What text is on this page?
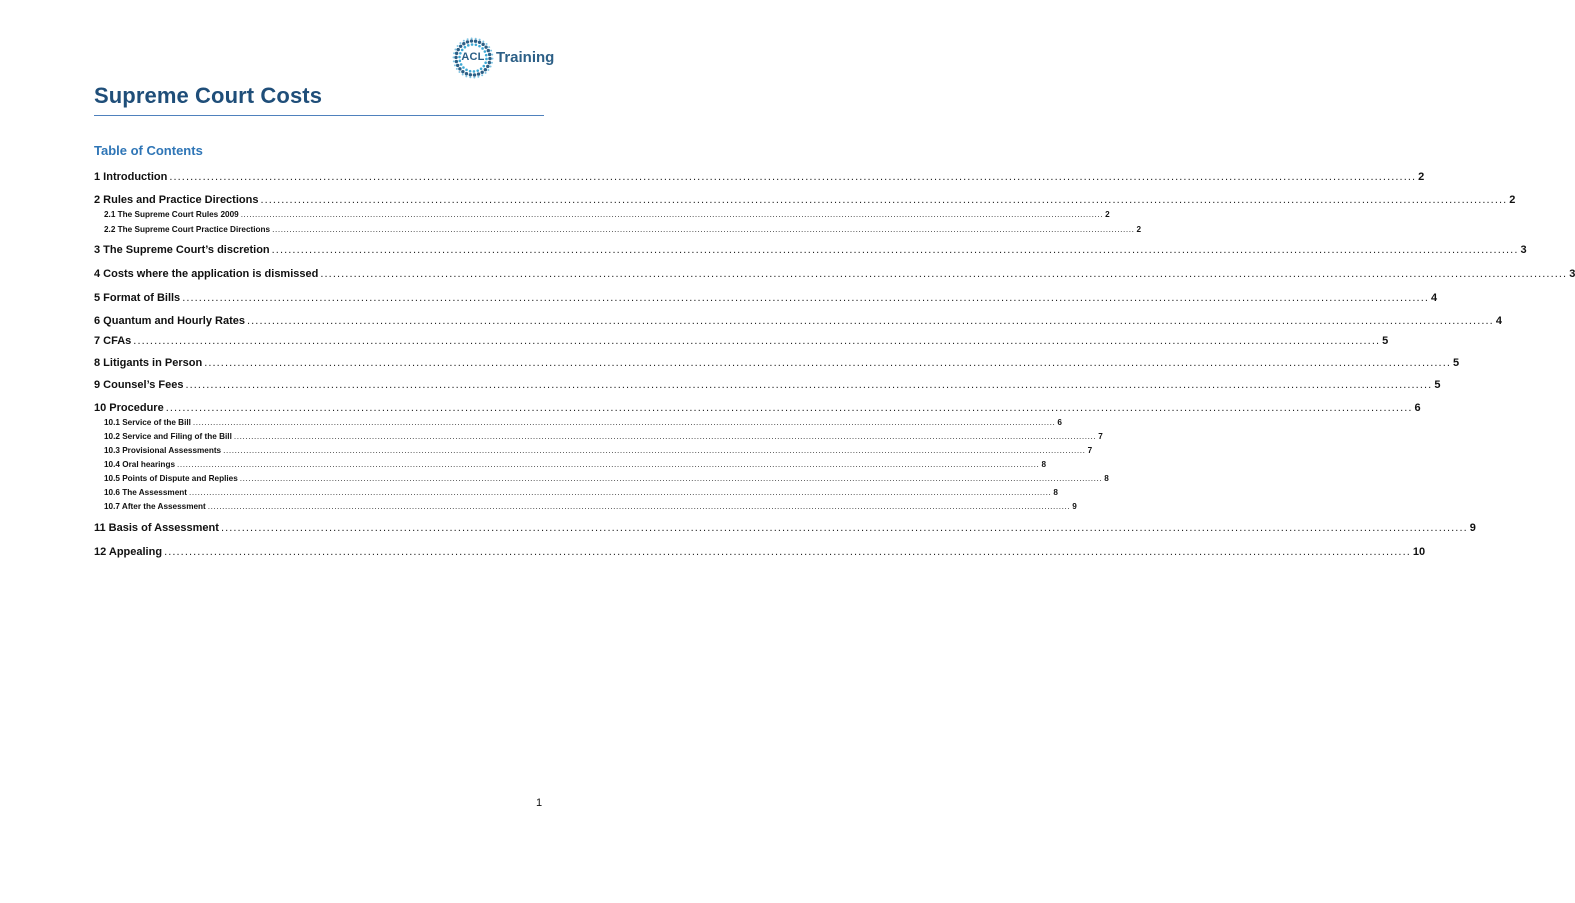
ACL Training
Supreme Court Costs
Table of Contents
1 Introduction ............................................................................................................................................................................................................................................................................................................ 2
2 Rules and Practice Directions ............................................................................................................................................................................................................................................................................................................ 2
2.1 The Supreme Court Rules 2009 ............................................................................................................................................................................................................................................................................................................ 2
2.2 The Supreme Court Practice Directions ............................................................................................................................................................................................................................................................................................................ 2
3 The Supreme Court’s discretion ............................................................................................................................................................................................................................................................................................................ 3
4 Costs where the application is dismissed ............................................................................................................................................................................................................................................................................................................ 3
5 Format of Bills ............................................................................................................................................................................................................................................................................................................ 4
6 Quantum and Hourly Rates ............................................................................................................................................................................................................................................................................................................ 4
7 CFAs ............................................................................................................................................................................................................................................................................................................ 5
8 Litigants in Person ............................................................................................................................................................................................................................................................................................................ 5
9 Counsel’s Fees ............................................................................................................................................................................................................................................................................................................ 5
10 Procedure ............................................................................................................................................................................................................................................................................................................ 6
10.1 Service of the Bill ............................................................................................................................................................................................................................................................................................................ 6
10.2 Service and Filing of the Bill ............................................................................................................................................................................................................................................................................................................ 7
10.3 Provisional Assessments ............................................................................................................................................................................................................................................................................................................ 7
10.4 Oral hearings ............................................................................................................................................................................................................................................................................................................ 8
10.5 Points of Dispute and Replies ............................................................................................................................................................................................................................................................................................................ 8
10.6 The Assessment ............................................................................................................................................................................................................................................................................................................ 8
10.7 After the Assessment ............................................................................................................................................................................................................................................................................................................ 9
11 Basis of Assessment ............................................................................................................................................................................................................................................................................................................ 9
12 Appealing ............................................................................................................................................................................................................................................................................................................ 10
1
